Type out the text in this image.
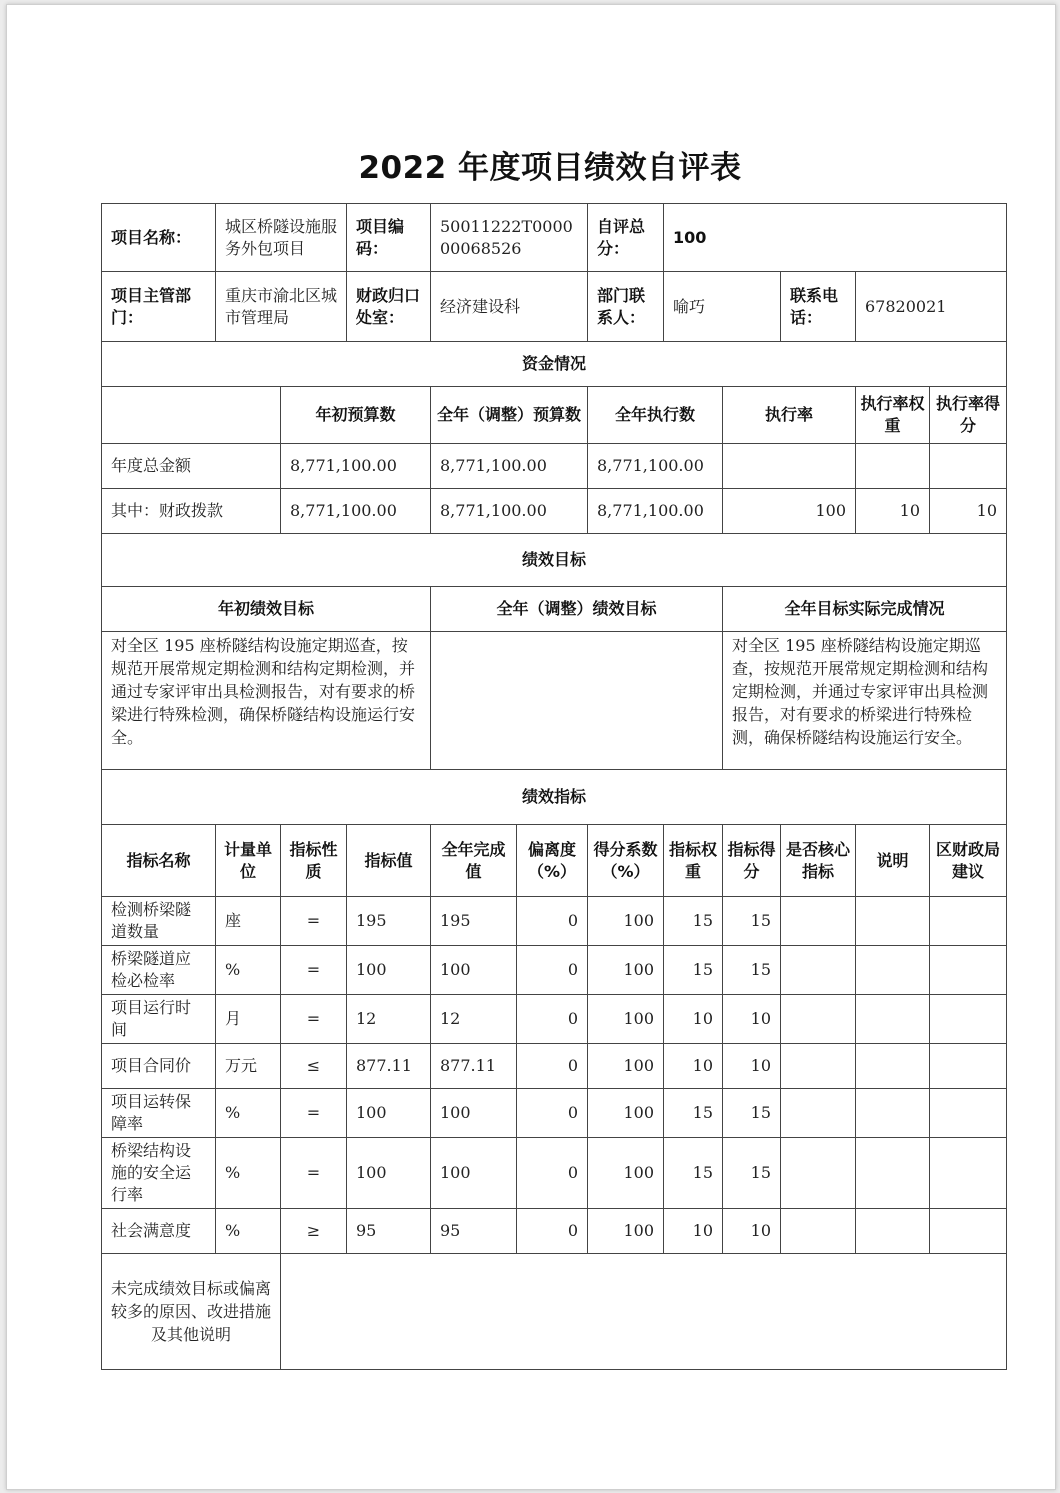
2022 年度项目绩效自评表
项目名称：	城区桥隧设施服务外包项目		项目编码：	50011222T000000068526		自评总分：	100				
项目主管部门：	重庆市渝北区城市管理局		财政归口处室：	经济建设科		部门联系人：	喻巧		联系电话：	67820021	
资金情况											
		年初预算数		全年（调整）预算数		全年执行数		执行率		执行率权重	执行率得分
年度总金额		8,771,100.00		8,771,100.00		8,771,100.00					
其中：财政拨款		8,771,100.00		8,771,100.00		8,771,100.00		100		10	10
绩效目标											
年初绩效目标				全年（调整）绩效目标				全年目标实际完成情况			
对全区 195 座桥隧结构设施定期巡查，按规范开展常规定期检测和结构定期检测，并通过专家评审出具检测报告，对有要求的桥梁进行特殊检测，确保桥隧结构设施运行安全。								对全区 195 座桥隧结构设施定期巡查，按规范开展常规定期检测和结构定期检测，并通过专家评审出具检测报告，对有要求的桥梁进行特殊检测，确保桥隧结构设施运行安全。			
绩效指标											
指标名称	计量单位	指标性质	指标值	全年完成值	偏离度（%）	得分系数（%）	指标权重	指标得分	是否核心指标	说明	区财政局建议
检测桥梁隧道数量	座	=	195	195	0	100	15	15			
桥梁隧道应检必检率	%	=	100	100	0	100	15	15			
项目运行时间	月	=	12	12	0	100	10	10			
项目合同价	万元	≤	877.11	877.11	0	100	10	10			
项目运转保障率	%	=	100	100	0	100	15	15			
桥梁结构设施的安全运行率	%	=	100	100	0	100	15	15			
社会满意度	%	≥	95	95	0	100	10	10			
未完成绩效目标或偏离较多的原因、改进措施及其他说明											
